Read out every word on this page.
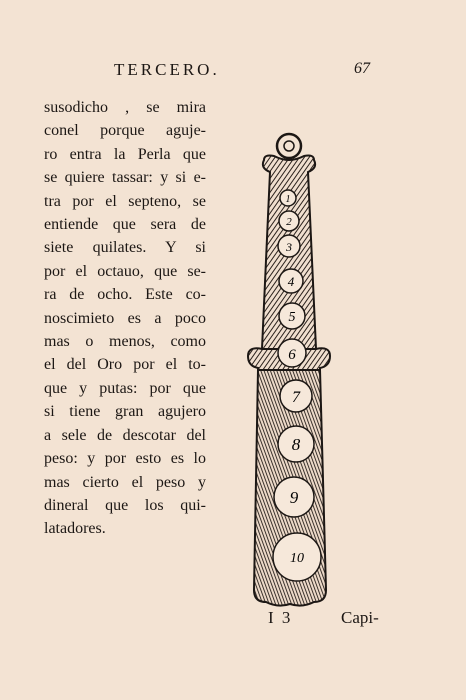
TERCERO.	67
susodicho , se mira
conel porque aguje-
ro entra la Perla que
se quiere tassar: y si e-
tra por el septeno, se
entiende que sera de
siete quilates. Y si
por el octauo, que se-
ra de ocho. Este co-
noscimieto es a poco
mas o menos, como
el del Oro por el to-
que y putas: por que
si tiene gran agujero
a sele de descotar del
peso: y por esto es lo
mas cierto el peso y
dineral que los qui-
latadores.
1
2
3
4
5
6
7
8
9
10
I 3	Capi-
